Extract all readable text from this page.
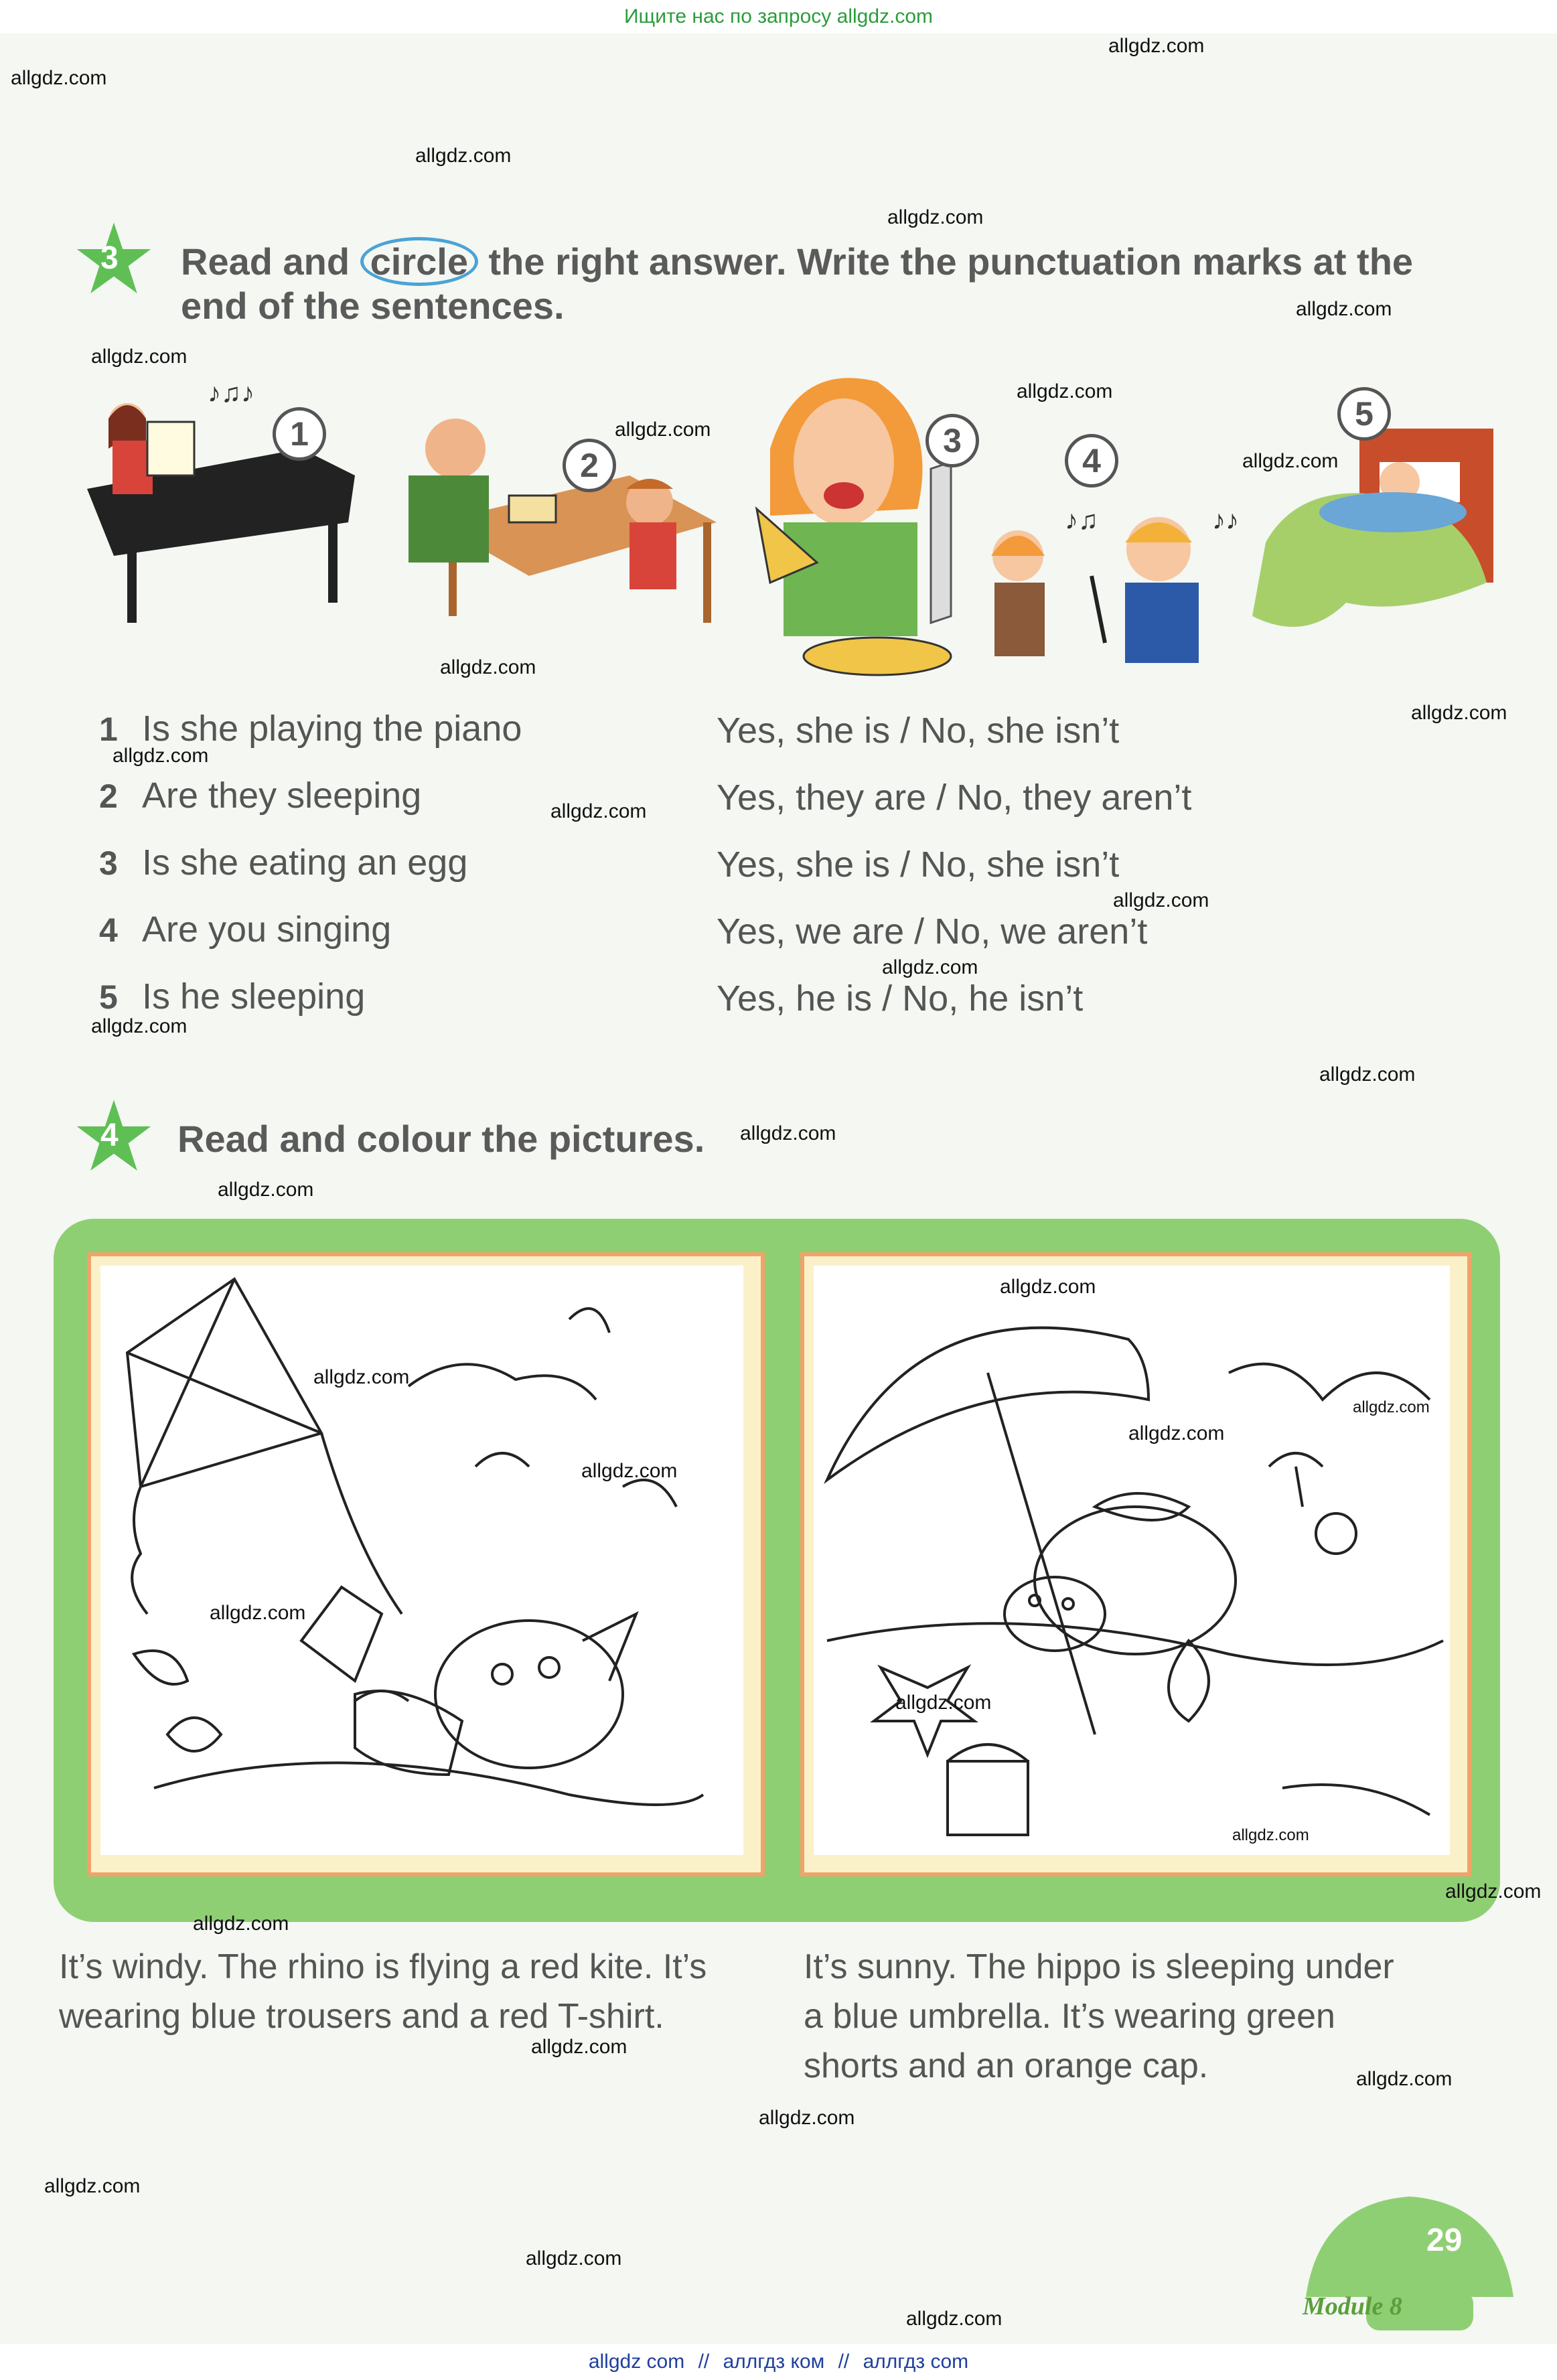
Ищите нас по запросу allgdz.com
3 Read and circle the right answer. Write the punctuation marks at the
end of the sentences.
♪♫♪
♪♫	♪♪
1
2
3
4
5
1 Is she playing the piano	Yes, she is / No, she isn’t
2 Are they sleeping	Yes, they are / No, they aren’t
3 Is she eating an egg	Yes, she is / No, she isn’t
4 Are you singing	Yes, we are / No, we aren’t
5 Is he sleeping	Yes, he is / No, he isn’t
4 Read and colour the pictures.
It’s windy. The rhino is flying a red kite. It’s
wearing blue trousers and a red T-shirt.
It’s sunny. The hippo is sleeping under
a blue umbrella. It’s wearing green
shorts and an orange cap.
29
Module 8
allgdz.com
allgdz.com
allgdz.com
allgdz.com
allgdz.com
allgdz.com
allgdz.com
allgdz.com
allgdz.com
allgdz.com
allgdz.com
allgdz.com
allgdz.com
allgdz.com
allgdz.com
allgdz.com
allgdz.com
allgdz.com
allgdz.com
allgdz.com
allgdz.com
allgdz.com
allgdz.com
allgdz.com
allgdz.com
allgdz.com
allgdz.com
allgdz.com
allgdz.com
allgdz.com
allgdz.com
allgdz.com
allgdz.com
allgdz.com
allgdz.com
allgdz com // аллгдз ком // аллгдз com
